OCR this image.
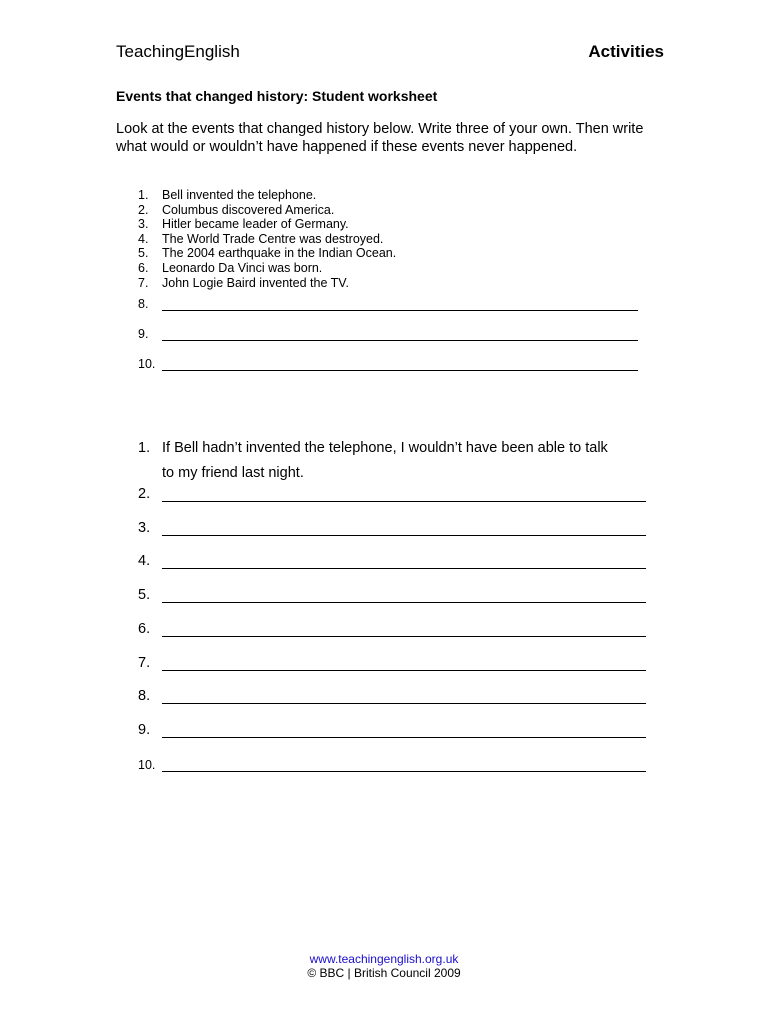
TeachingEnglish	Activities
Events that changed history: Student worksheet
Look at the events that changed history below. Write three of your own. Then write what would or wouldn’t have happened if these events never happened.
1.	Bell invented the telephone.
2.	Columbus discovered America.
3.	Hitler became leader of Germany.
4.	The World Trade Centre was destroyed.
5.	The 2004 earthquake in the Indian Ocean.
6.	Leonardo Da Vinci was born.
7.	John Logie Baird invented the TV.
8.
9.
10.
1. If Bell hadn’t invented the telephone, I wouldn’t have been able to talk
to my friend last night.
2.
3.
4.
5.
6.
7.
8.
9.
10.
www.teachingenglish.org.uk
© BBC | British Council 2009
